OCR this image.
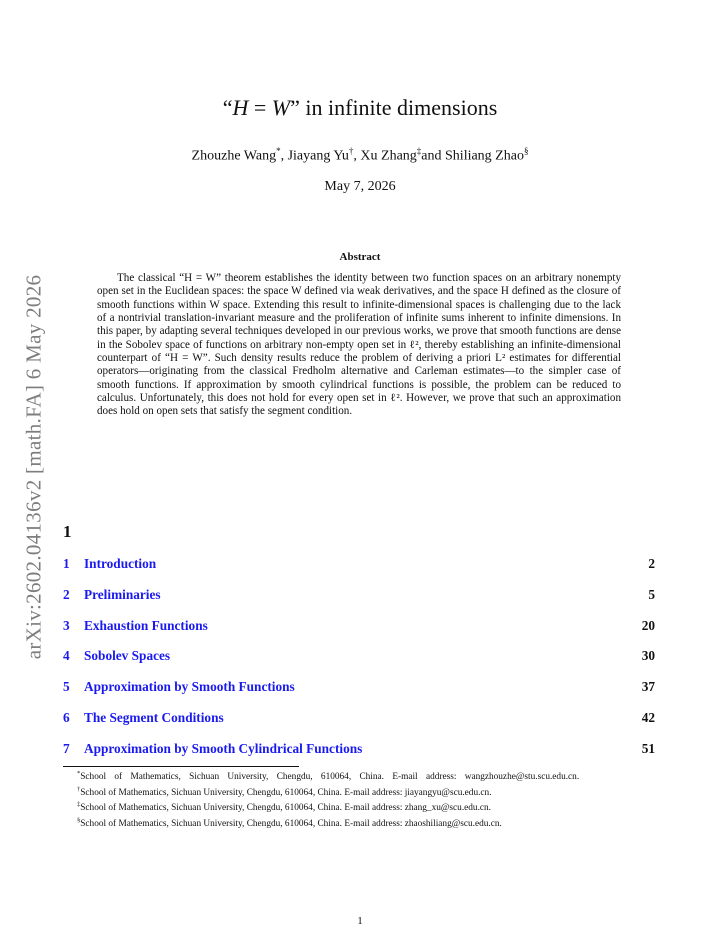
arXiv:2602.04136v2 [math.FA] 6 May 2026
“H = W” in infinite dimensions
Zhouzhe Wang*, Jiayang Yu†, Xu Zhang‡and Shiliang Zhao§
May 7, 2026
Abstract
The classical “H = W” theorem establishes the identity between two function spaces on an arbitrary nonempty open set in the Euclidean spaces: the space W defined via weak derivatives, and the space H defined as the closure of smooth functions within W space. Extending this result to infinite-dimensional spaces is challenging due to the lack of a nontrivial translation-invariant measure and the proliferation of infinite sums inherent to infinite dimensions. In this paper, by adapting several techniques developed in our previous works, we prove that smooth functions are dense in the Sobolev space of functions on arbitrary non-empty open set in ℓ², thereby establishing an infinite-dimensional counterpart of “H = W”. Such density results reduce the problem of deriving a priori L² estimates for differential operators—originating from the classical Fredholm alternative and Carleman estimates—to the simpler case of smooth functions. If approximation by smooth cylindrical functions is possible, the problem can be reduced to calculus. Unfortunately, this does not hold for every open set in ℓ². However, we prove that such an approximation does hold on open sets that satisfy the segment condition.
1
1 Introduction	2
2 Preliminaries	5
3 Exhaustion Functions	20
4 Sobolev Spaces	30
5 Approximation by Smooth Functions	37
6 The Segment Conditions	42
7 Approximation by Smooth Cylindrical Functions	51
*School of Mathematics, Sichuan University, Chengdu, 610064, China. E-mail address: wangzhouzhe@stu.scu.edu.cn.
†School of Mathematics, Sichuan University, Chengdu, 610064, China. E-mail address: jiayangyu@scu.edu.cn.
‡School of Mathematics, Sichuan University, Chengdu, 610064, China. E-mail address: zhang_xu@scu.edu.cn.
§School of Mathematics, Sichuan University, Chengdu, 610064, China. E-mail address: zhaoshiliang@scu.edu.cn.
1
